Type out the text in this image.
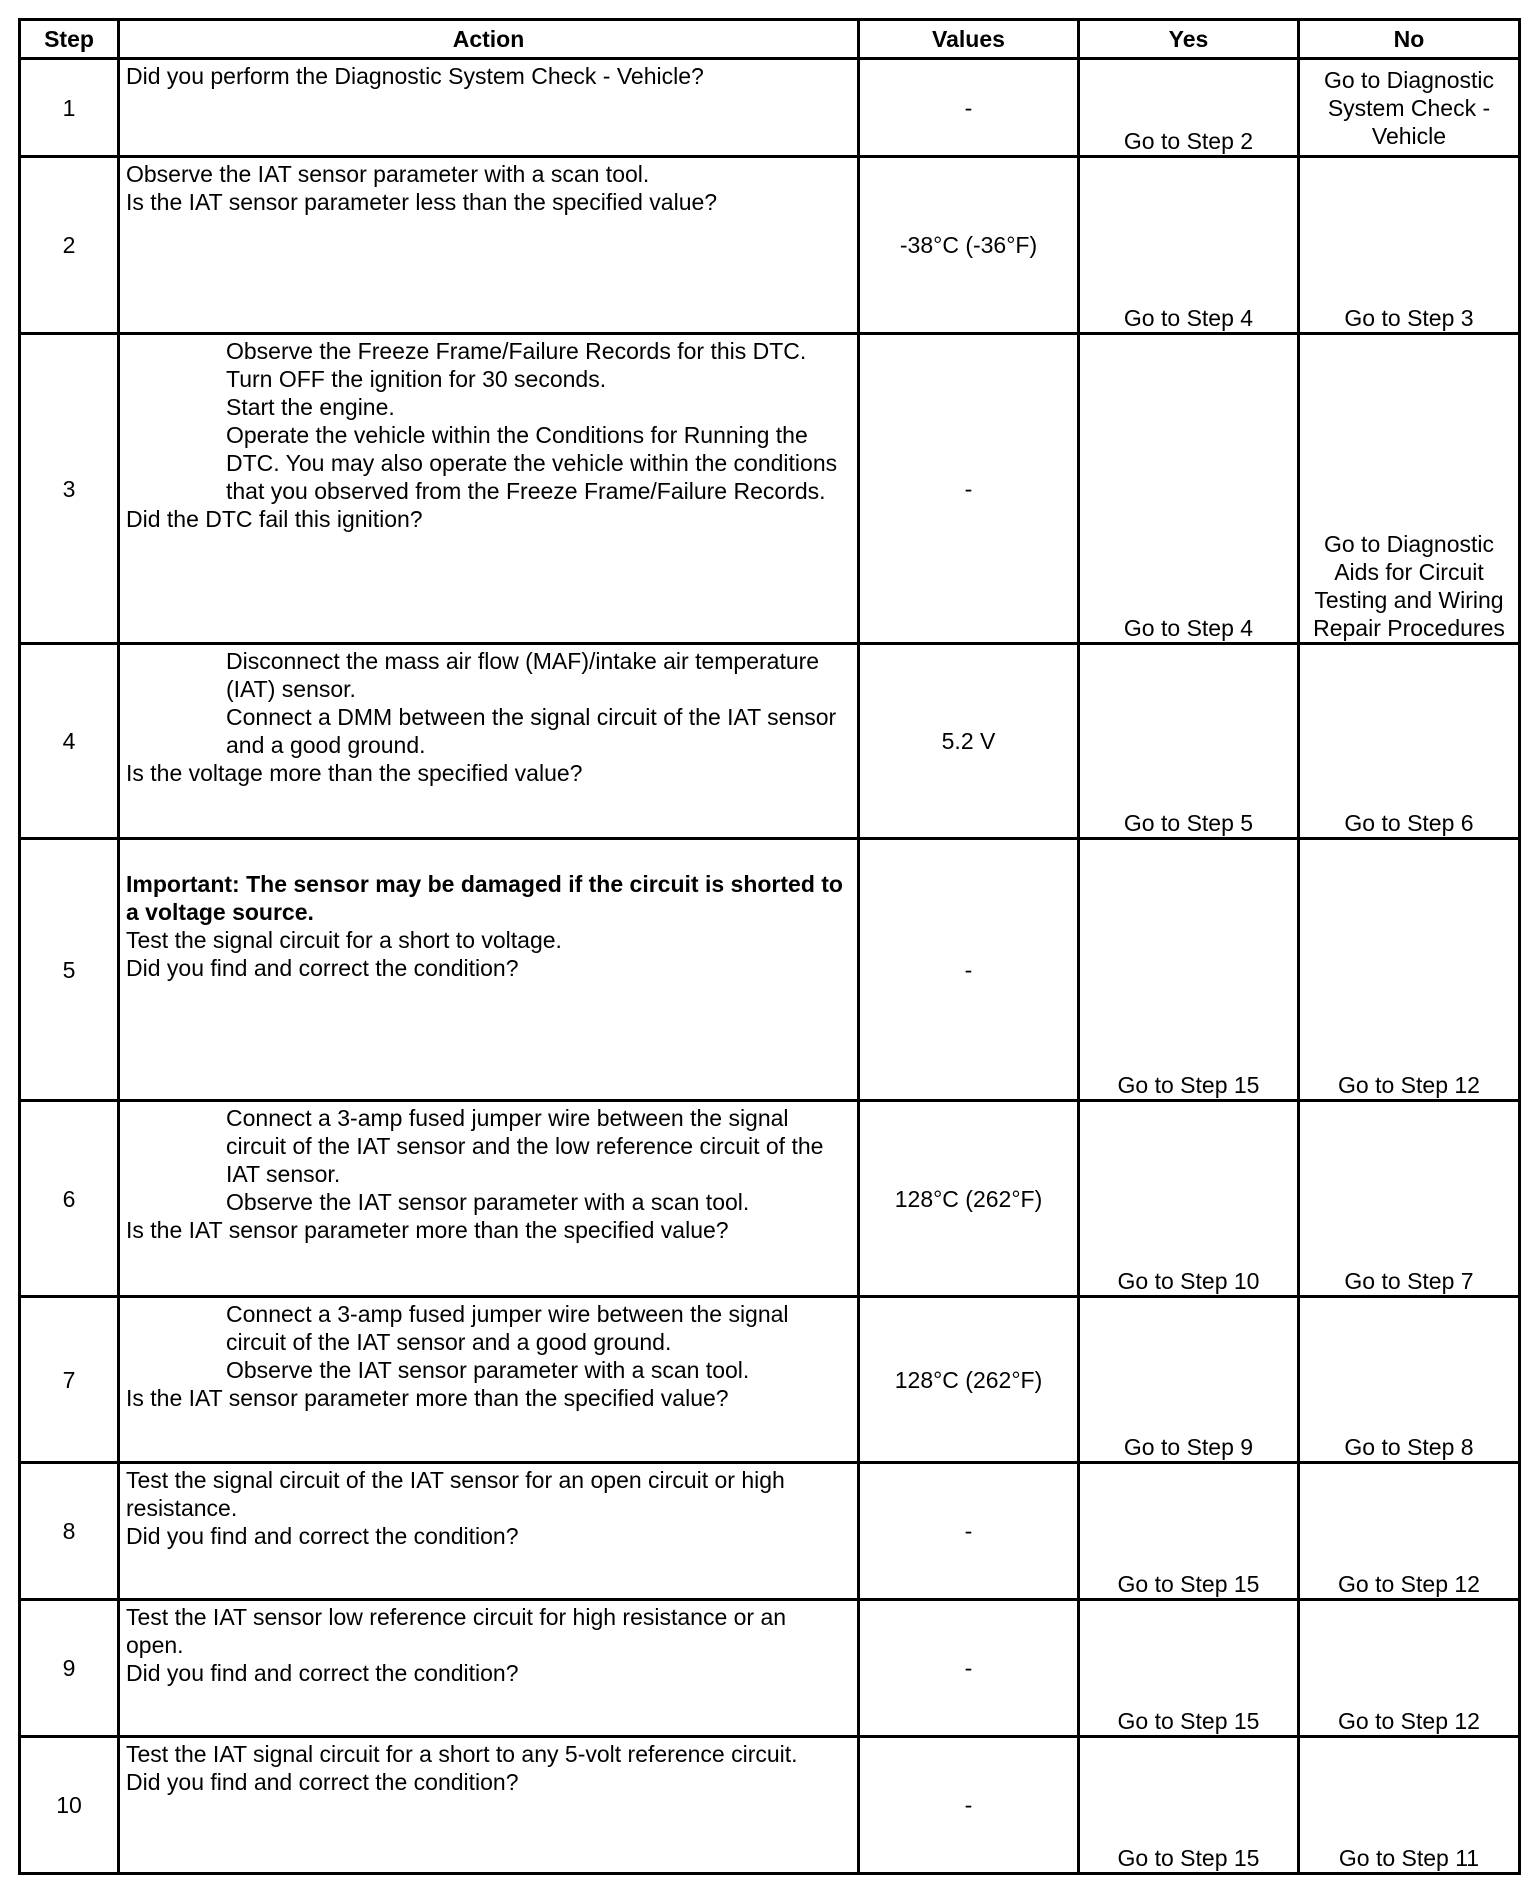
Step	Action	Values	Yes	No
1	Did you perform the Diagnostic System Check - Vehicle?	-	Go to Step 2	Go to Diagnostic System Check - Vehicle
2	Observe the IAT sensor parameter with a scan tool.
Is the IAT sensor parameter less than the specified value?	-38°C (-36°F)	Go to Step 4	Go to Step 3
3	Observe the Freeze Frame/Failure Records for this DTC.
Turn OFF the ignition for 30 seconds.
Start the engine.
Operate the vehicle within the Conditions for Running the DTC. You may also operate the vehicle within the conditions that you observed from the Freeze Frame/Failure Records.
Did the DTC fail this ignition?	-	Go to Step 4	Go to Diagnostic Aids for Circuit Testing and Wiring Repair Procedures
4	Disconnect the mass air flow (MAF)/intake air temperature (IAT) sensor.
Connect a DMM between the signal circuit of the IAT sensor and a good ground.
Is the voltage more than the specified value?	5.2 V	Go to Step 5	Go to Step 6
5	Important: The sensor may be damaged if the circuit is shorted to a voltage source.
Test the signal circuit for a short to voltage.
Did you find and correct the condition?	-	Go to Step 15	Go to Step 12
6	Connect a 3-amp fused jumper wire between the signal circuit of the IAT sensor and the low reference circuit of the IAT sensor.
Observe the IAT sensor parameter with a scan tool.
Is the IAT sensor parameter more than the specified value?	128°C (262°F)	Go to Step 10	Go to Step 7
7	Connect a 3-amp fused jumper wire between the signal circuit of the IAT sensor and a good ground.
Observe the IAT sensor parameter with a scan tool.
Is the IAT sensor parameter more than the specified value?	128°C (262°F)	Go to Step 9	Go to Step 8
8	Test the signal circuit of the IAT sensor for an open circuit or high resistance.
Did you find and correct the condition?	-	Go to Step 15	Go to Step 12
9	Test the IAT sensor low reference circuit for high resistance or an open.
Did you find and correct the condition?	-	Go to Step 15	Go to Step 12
10	Test the IAT signal circuit for a short to any 5-volt reference circuit.
Did you find and correct the condition?	-	Go to Step 15	Go to Step 11
